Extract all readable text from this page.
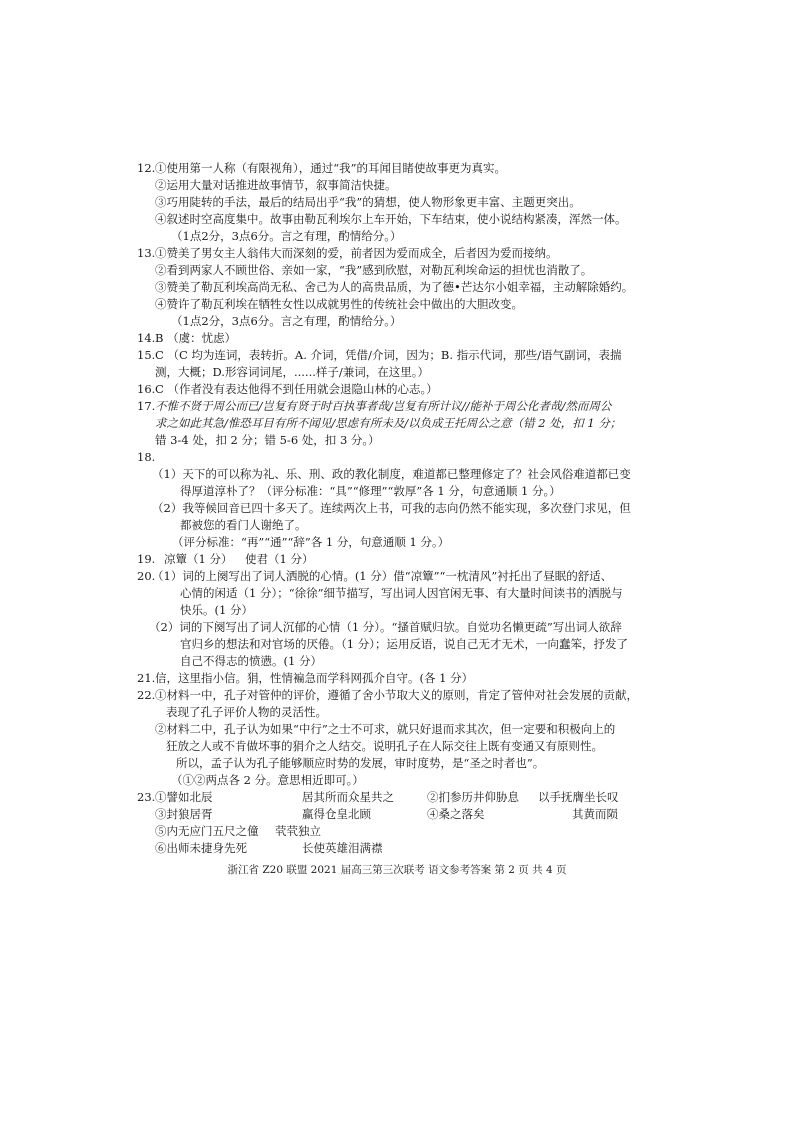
12. ①使用第一人称（有限视角），通过“我”的耳闻目睹使故事更为真实。
②运用大量对话推进故事情节，叙事简洁快捷。
③巧用陡转的手法，最后的结局出乎“我”的猜想，使人物形象更丰富、主题更突出。
④叙述时空高度集中。故事由勒瓦利埃尔上车开始，下车结束，使小说结构紧凑，浑然一体。
（1点2分，3点6分。言之有理，酌情给分。）
13. ①赞美了男女主人翁伟大而深刻的爱，前者因为爱而成全，后者因为爱而接纳。
②看到两家人不顾世俗、亲如一家，“我”感到欣慰，对勒瓦利埃命运的担忧也消散了。
③赞美了勒瓦利埃高尚无私、舍己为人的高贵品质，为了德•芒达尔小姐幸福，主动解除婚约。
④赞许了勒瓦利埃在牺牲女性以成就男性的传统社会中做出的大胆改变。
（1点2分，3点6分。言之有理，酌情给分。）
14. B （虞：忧虑）
15. C （C 均为连词，表转折。A. 介词，凭借/介词，因为；B. 指示代词，那些/语气副词，表揣
测，大概；D.形容词词尾，......样子/兼词，在这里。）
16. C （作者没有表达他得不到任用就会退隐山林的心志。）
17. 不惟不贤于周公而已/岂复有贤于时百执事者哉/岂复有所计议//能补于周公化者哉/然而周公
求之如此其急/惟恐耳目有所不闻见/思虑有所未及/以负成王托周公之意（错 2 处，扣 1 分；
错 3-4 处，扣 2 分；错 5-6 处，扣 3 分。）
18.
（1）天下的可以称为礼、乐、刑、政的教化制度，难道都已整理修定了？社会风俗难道都已变
得厚道淳朴了？（评分标准：“具”“修理”“敦厚”各 1 分，句意通顺 1 分。）
（2）我等候回音已四十多天了。连续两次上书，可我的志向仍然不能实现，多次登门求见，但
都被您的看门人谢绝了。
（评分标准：“再”“通”“辞”各 1 分，句意通顺 1 分。）
19. 凉簟（1 分） 使君（1 分）
20.
（1）词的上阕写出了词人洒脱的心情。(1 分）借“凉簟”“一枕清风”衬托出了昼眠的舒适、
心情的闲适（1 分）；“徐徐”细节描写，写出词人因官闲无事、有大量时间读书的洒脱与
快乐。(1 分）
（2）词的下阕写出了词人沉郁的心情（1 分）。“搔首赋归欤。自觉功名懒更疏”写出词人欲辞
官归乡的想法和对官场的厌倦。（1 分）；运用反语，说自己无才无术，一向蠢笨，抒发了
自己不得志的愤懑。(1 分）
21. 信，这里指小信。狷，性情褊急而学科网孤介自守。(各 1 分）
22. ①材料一中，孔子对管仲的评价，遵循了舍小节取大义的原则，肯定了管仲对社会发展的贡献，
表现了孔子评价人物的灵活性。
②材料二中，孔子认为如果“中行”之士不可求，就只好退而求其次，但一定要和积极向上的
狂放之人或不肯做坏事的狷介之人结交。说明孔子在人际交往上既有变通又有原则性。
所以，孟子认为孔子能够顺应时势的发展，审时度势，是“圣之时者也”。
（①②两点各 2 分。意思相近即可。）
23. ①譬如北辰	居其所而众星共之	②扪参历井仰胁息 以手抚膺坐长叹
③封狼居胥	赢得仓皇北顾	④桑之落矣	其黄而陨
⑤内无应门五尺之僮 茕茕独立
⑥出师未捷身先死	长使英雄泪满襟
浙江省 Z20 联盟 2021 届高三第三次联考 语文参考答案 第 2 页 共 4 页
